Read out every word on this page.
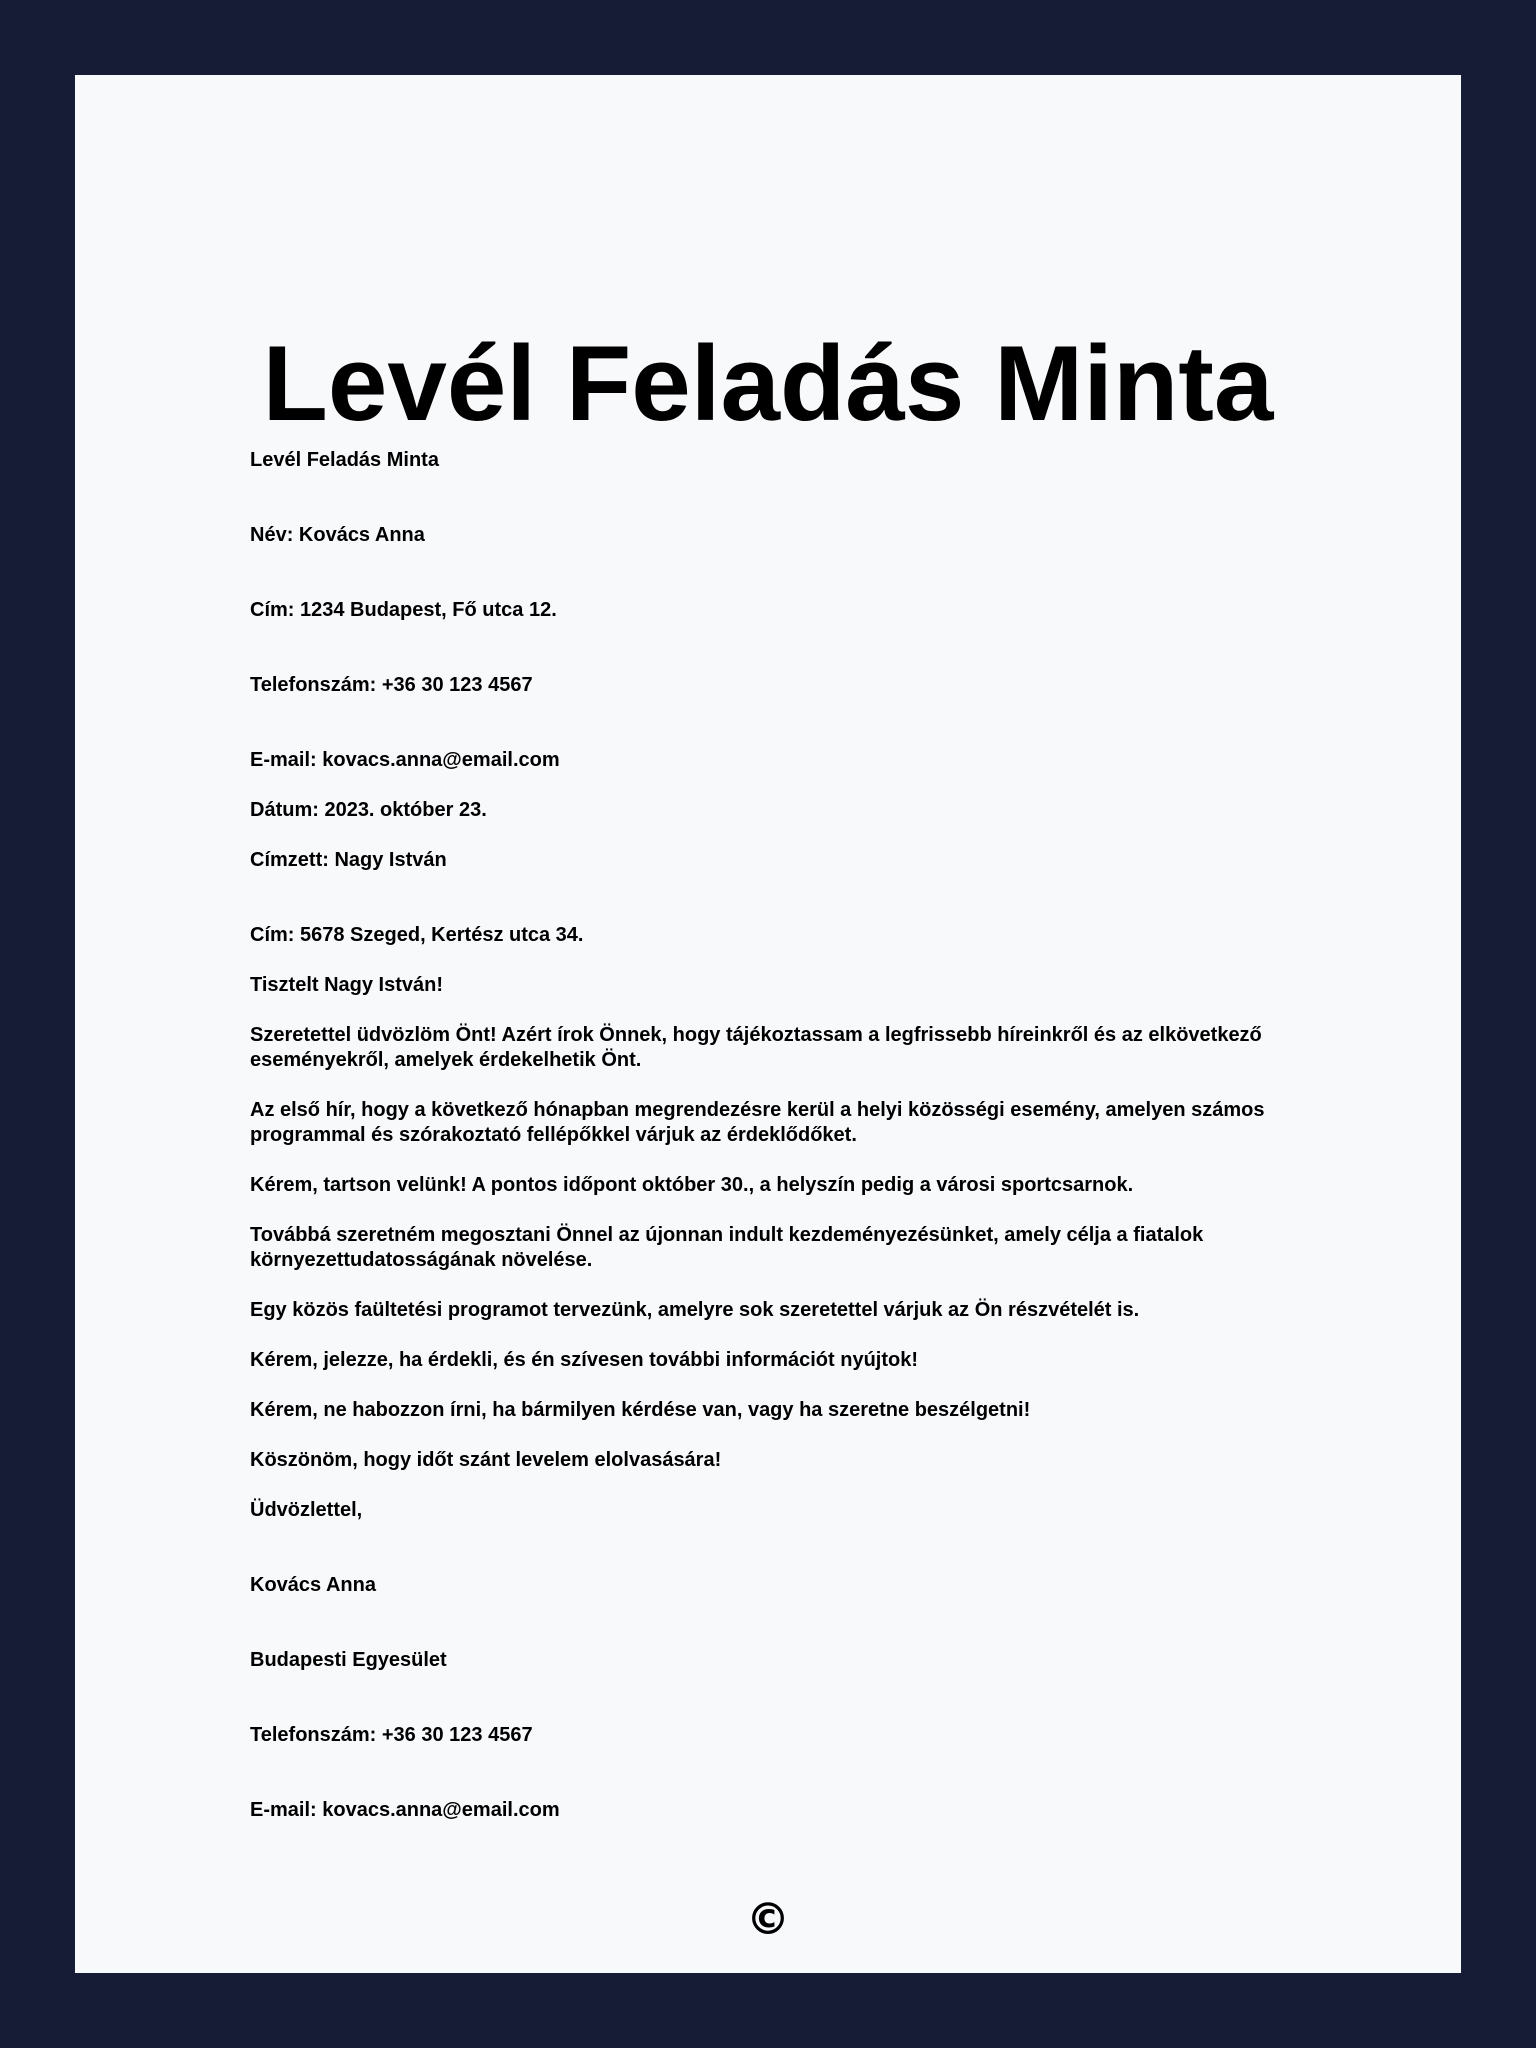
Levél Feladás Minta

Levél Feladás Minta

Név: Kovács Anna

Cím: 1234 Budapest, Fő utca 12.

Telefonszám: +36 30 123 4567

E-mail: kovacs.anna@email.com

Dátum: 2023. október 23.

Címzett: Nagy István

Cím: 5678 Szeged, Kertész utca 34.

Tisztelt Nagy István!

Szeretettel üdvözlöm Önt! Azért írok Önnek, hogy tájékoztassam a legfrissebb híreinkről és az elkövetkező eseményekről, amelyek érdekelhetik Önt.

Az első hír, hogy a következő hónapban megrendezésre kerül a helyi közösségi esemény, amelyen számos programmal és szórakoztató fellépőkkel várjuk az érdeklődőket.

Kérem, tartson velünk! A pontos időpont október 30., a helyszín pedig a városi sportcsarnok.

Továbbá szeretném megosztani Önnel az újonnan indult kezdeményezésünket, amely célja a fiatalok környezettudatosságának növelése.

Egy közös faültetési programot tervezünk, amelyre sok szeretettel várjuk az Ön részvételét is.

Kérem, jelezze, ha érdekli, és én szívesen további információt nyújtok!

Kérem, ne habozzon írni, ha bármilyen kérdése van, vagy ha szeretne beszélgetni!

Köszönöm, hogy időt szánt levelem elolvasására!

Üdvözlettel,

Kovács Anna

Budapesti Egyesület

Telefonszám: +36 30 123 4567

E-mail: kovacs.anna@email.com

©
